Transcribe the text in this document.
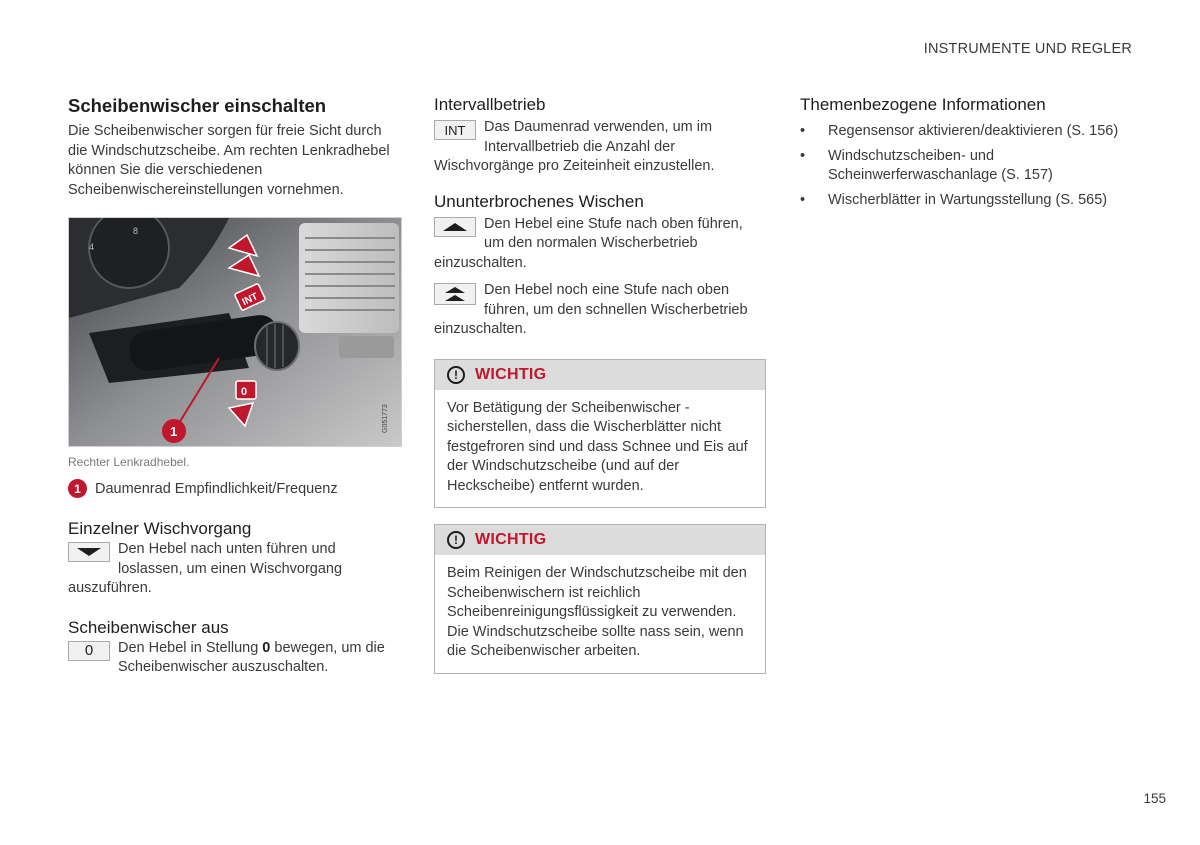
INSTRUMENTE UND REGLER
Scheibenwischer einschalten

Die Scheibenwischer sorgen für freie Sicht durch die Windschutzscheibe. Am rechten Lenkradhebel können Sie die verschiedenen Scheibenwischereinstellungen vornehmen.

8
4
INT
0
1	G051773
Rechter Lenkradhebel.
1 Daumenrad Empfindlichkeit/Frequenz
Einzelner Wischvorgang
Den Hebel nach unten führen und loslassen, um einen Wischvorgang auszuführen.
Scheibenwischer aus
0	Den Hebel in Stellung 0 bewegen, um die Scheibenwischer auszuschalten.
Intervallbetrieb
INT	Das Daumenrad verwenden, um im Intervallbetrieb die Anzahl der Wischvorgänge pro Zeiteinheit einzustellen.
Ununterbrochenes Wischen
Den Hebel eine Stufe nach oben führen, um den normalen Wischerbetrieb einzuschalten.
Den Hebel noch eine Stufe nach oben führen, um den schnellen Wischerbetrieb einzuschalten.
!	WICHTIG
Vor Betätigung der Scheibenwischer - sicherstellen, dass die Wischerblätter nicht festgefroren sind und dass Schnee und Eis auf der Windschutzscheibe (und auf der Heckscheibe) entfernt wurden.
!	WICHTIG
Beim Reinigen der Windschutzscheibe mit den Scheibenwischern ist reichlich Scheibenreinigungsflüssigkeit zu verwenden. Die Windschutzscheibe sollte nass sein, wenn die Scheibenwischer arbeiten.
Themenbezogene Informationen
• Regensensor aktivieren/deaktivieren (S. 156)
• Windschutzscheiben- und Scheinwerferwaschanlage (S. 157)
• Wischerblätter in Wartungsstellung (S. 565)
155
